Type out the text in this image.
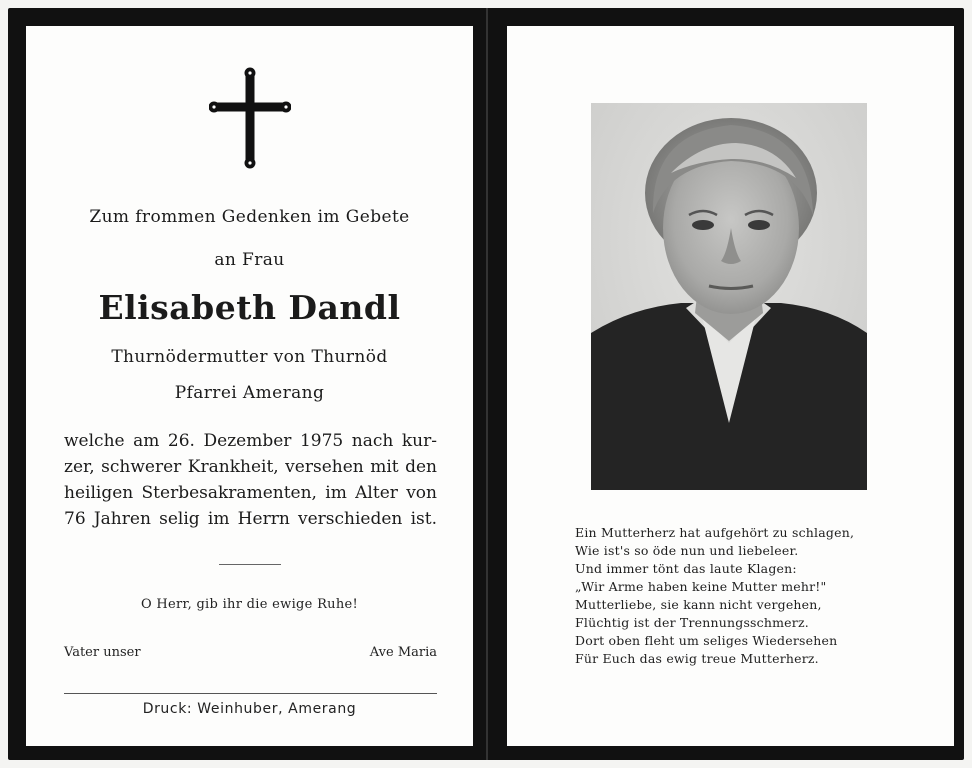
Zum frommen Gedenken im Gebete
an Frau
Elisabeth Dandl
Thurnödermutter von Thurnöd
Pfarrei Amerang
welche am 26. Dezember 1975 nach kur-
zer, schwerer Krankheit, versehen mit den
heiligen Sterbesakramenten, im Alter von
76 Jahren selig im Herrn verschieden ist.
O Herr, gib ihr die ewige Ruhe!
Vater unser	Ave Maria
Druck: Weinhuber, Amerang
Ein Mutterherz hat aufgehört zu schlagen,
Wie ist's so öde nun und liebeleer.
Und immer tönt das laute Klagen:
„Wir Arme haben keine Mutter mehr!"
Mutterliebe, sie kann nicht vergehen,
Flüchtig ist der Trennungsschmerz.
Dort oben fleht um seliges Wiedersehen
Für Euch das ewig treue Mutterherz.
